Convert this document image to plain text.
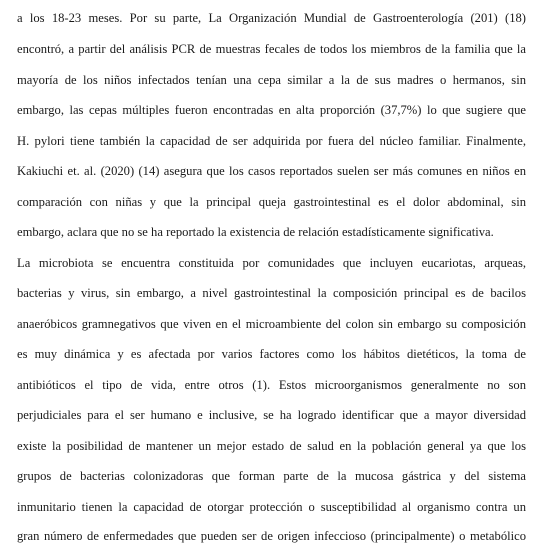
a los 18-23 meses. Por su parte, La Organización Mundial de Gastroenterología (201) (18)
encontró, a partir del análisis PCR de muestras fecales de todos los miembros de la familia que la
mayoría de los niños infectados tenían una cepa similar a la de sus madres o hermanos, sin
embargo, las cepas múltiples fueron encontradas en alta proporción (37,7%) lo que sugiere que
H. pylori tiene también la capacidad de ser adquirida por fuera del núcleo familiar. Finalmente,
Kakiuchi et. al. (2020) (14) asegura que los casos reportados suelen ser más comunes en niños en
comparación con niñas y que la principal queja gastrointestinal es el dolor abdominal, sin
embargo, aclara que no se ha reportado la existencia de relación estadísticamente significativa.
La microbiota se encuentra constituida por comunidades que incluyen eucariotas, arqueas,
bacterias y virus, sin embargo, a nivel gastrointestinal la composición principal es de bacilos
anaeróbicos gramnegativos que viven en el microambiente del colon sin embargo su composición
es muy dinámica y es afectada por varios factores como los hábitos dietéticos, la toma de
antibióticos el tipo de vida, entre otros (1). Estos microorganismos generalmente no son
perjudiciales para el ser humano e inclusive, se ha logrado identificar que a mayor diversidad
existe la posibilidad de mantener un mejor estado de salud en la población general ya que los
grupos de bacterias colonizadoras que forman parte de la mucosa gástrica y del sistema
inmunitario tienen la capacidad de otorgar protección o susceptibilidad al organismo contra un
gran número de enfermedades que pueden ser de origen infeccioso (principalmente) o metabólico
